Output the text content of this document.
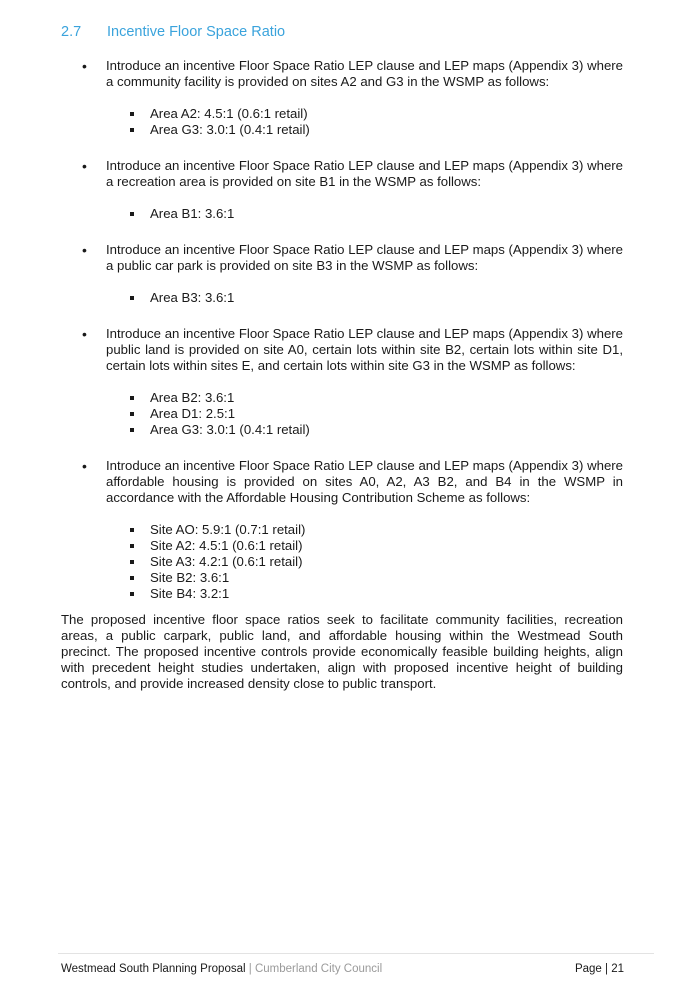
2.7	Incentive Floor Space Ratio
• Introduce an incentive Floor Space Ratio LEP clause and LEP maps (Appendix 3) where a community facility is provided on sites A2 and G3 in the WSMP as follows:

Area A2: 4.5:1 (0.6:1 retail)
Area G3: 3.0:1 (0.4:1 retail)
• Introduce an incentive Floor Space Ratio LEP clause and LEP maps (Appendix 3) where a recreation area is provided on site B1 in the WSMP as follows:

Area B1: 3.6:1
• Introduce an incentive Floor Space Ratio LEP clause and LEP maps (Appendix 3) where a public car park is provided on site B3 in the WSMP as follows:

Area B3: 3.6:1
• Introduce an incentive Floor Space Ratio LEP clause and LEP maps (Appendix 3) where public land is provided on site A0, certain lots within site B2, certain lots within site D1, certain lots within sites E, and certain lots within site G3 in the WSMP as follows:

Area B2: 3.6:1
Area D1: 2.5:1
Area G3: 3.0:1 (0.4:1 retail)
• Introduce an incentive Floor Space Ratio LEP clause and LEP maps (Appendix 3) where affordable housing is provided on sites A0, A2, A3 B2, and B4 in the WSMP in accordance with the Affordable Housing Contribution Scheme as follows:

Site AO: 5.9:1 (0.7:1 retail)
Site A2: 4.5:1 (0.6:1 retail)
Site A3: 4.2:1 (0.6:1 retail)
Site B2: 3.6:1
Site B4: 3.2:1

The proposed incentive floor space ratios seek to facilitate community facilities, recreation areas, a public carpark, public land, and affordable housing within the Westmead South precinct. The proposed incentive controls provide economically feasible building heights, align with precedent height studies undertaken, align with proposed incentive height of building controls, and provide increased density close to public transport.

Westmead South Planning Proposal | Cumberland City Council	Page | 21
